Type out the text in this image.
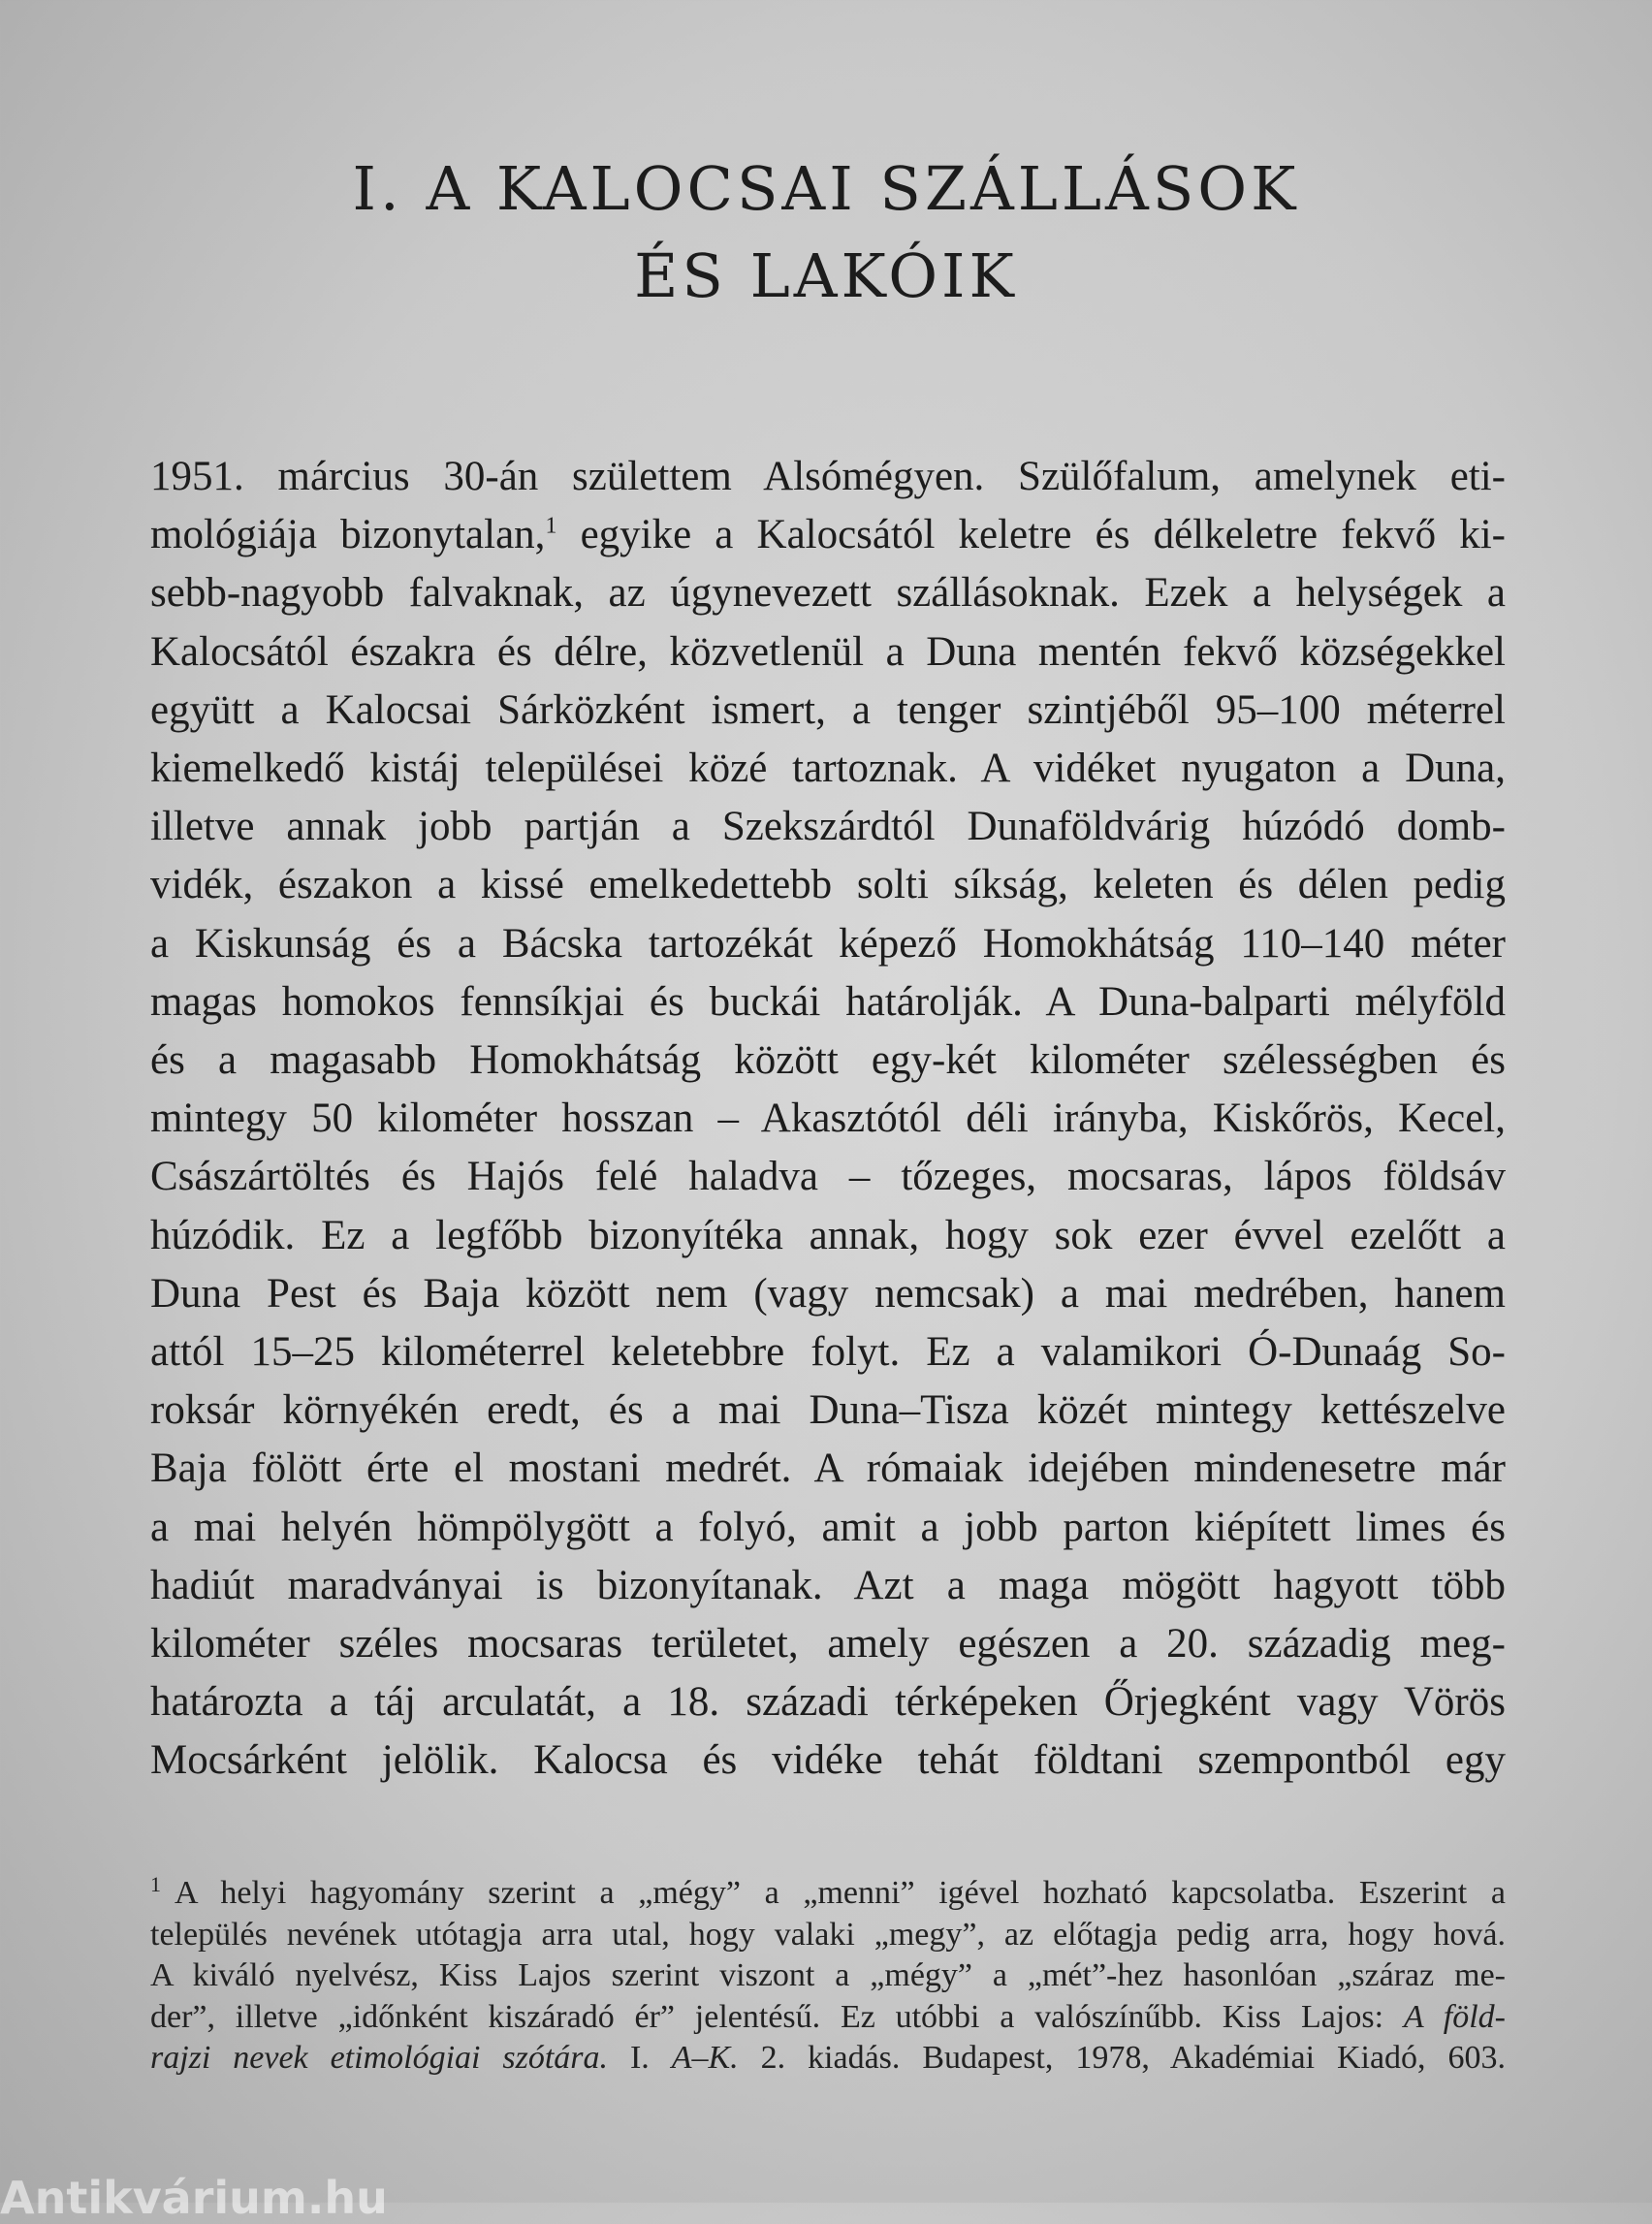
I. A KALOCSAI SZÁLLÁSOK
ÉS LAKÓIK
1951. március 30-án születtem Alsómégyen. Szülőfalum, amelynek eti-
mológiája bizonytalan,$^1$ egyike a Kalocsától keletre és délkeletre fekvő ki-
sebb-nagyobb falvaknak, az úgynevezett szállásoknak. Ezek a helységek a
Kalocsától északra és délre, közvetlenül a Duna mentén fekvő községekkel
együtt a Kalocsai Sárközként ismert, a tenger szintjéből 95–100 méterrel
kiemelkedő kistáj települései közé tartoznak. A vidéket nyugaton a Duna,
illetve annak jobb partján a Szekszárdtól Dunaföldvárig húzódó domb-
vidék, északon a kissé emelkedettebb solti síkság, keleten és délen pedig
a Kiskunság és a Bácska tartozékát képező Homokhátság 110–140 méter
magas homokos fennsíkjai és buckái határolják. A Duna-balparti mélyföld
és a magasabb Homokhátság között egy-két kilométer szélességben és
mintegy 50 kilométer hosszan – Akasztótól déli irányba, Kiskőrös, Kecel,
Császártöltés és Hajós felé haladva – tőzeges, mocsaras, lápos földsáv
húzódik. Ez a legfőbb bizonyítéka annak, hogy sok ezer évvel ezelőtt a
Duna Pest és Baja között nem (vagy nemcsak) a mai medrében, hanem
attól 15–25 kilométerrel keletebbre folyt. Ez a valamikori Ó-Dunaág So-
roksár környékén eredt, és a mai Duna–Tisza közét mintegy kettészelve
Baja fölött érte el mostani medrét. A rómaiak idejében mindenesetre már
a mai helyén hömpölygött a folyó, amit a jobb parton kiépített limes és
hadiút maradványai is bizonyítanak. Azt a maga mögött hagyott több
kilométer széles mocsaras területet, amely egészen a 20. századig meg-
határozta a táj arculatát, a 18. századi térképeken Őrjegként vagy Vörös
Mocsárként jelölik. Kalocsa és vidéke tehát földtani szempontból egy
$^1$ A helyi hagyomány szerint a „mégy” a „menni” igével hozható kapcsolatba. Eszerint a
település nevének utótagja arra utal, hogy valaki „megy”, az előtagja pedig arra, hogy hová.
A kiváló nyelvész, Kiss Lajos szerint viszont a „mégy” a „mét”-hez hasonlóan „száraz me-
der”, illetve „időnként kiszáradó ér” jelentésű. Ez utóbbi a valószínűbb. Kiss Lajos: A föld-
rajzi nevek etimológiai szótára. I. A–K. 2. kiadás. Budapest, 1978, Akadémiai Kiadó, 603.
Antikvárium.hu
